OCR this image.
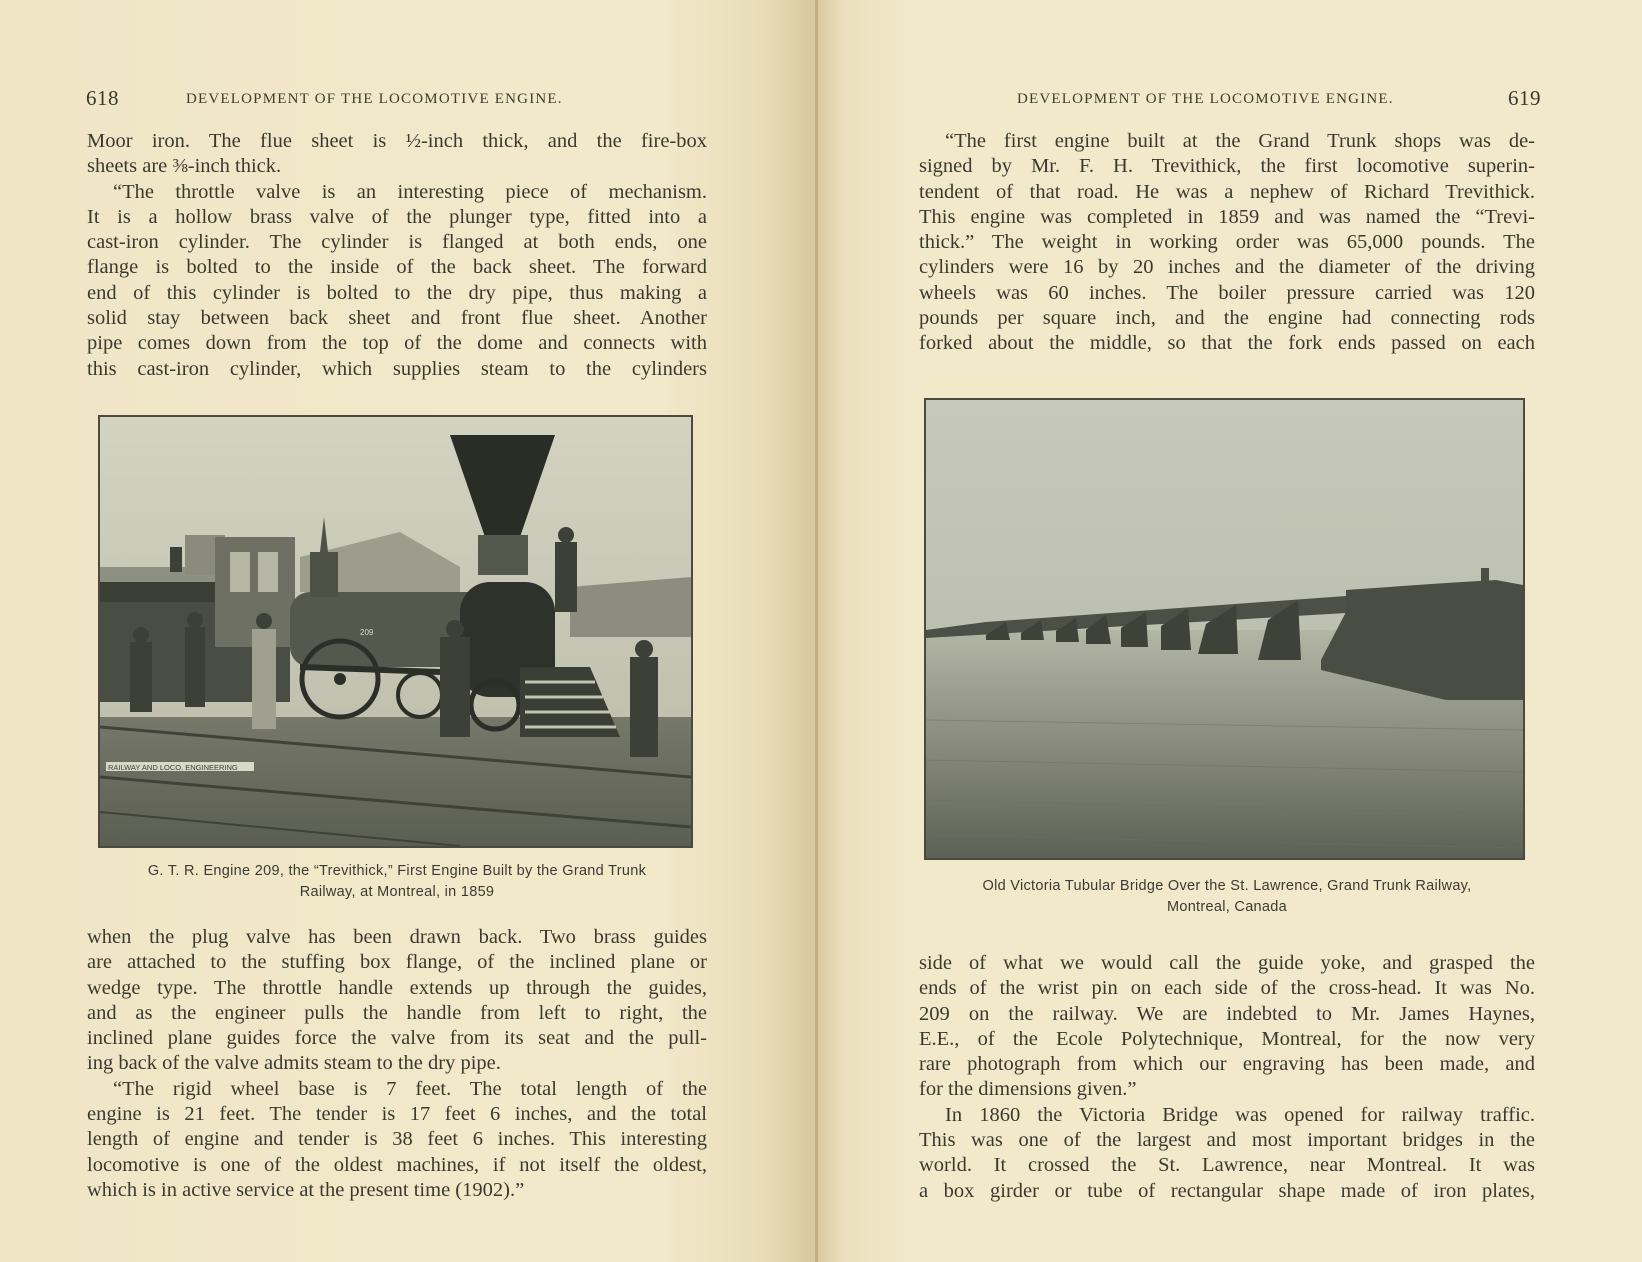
618	DEVELOPMENT OF THE LOCOMOTIVE ENGINE.
Moor iron. The flue sheet is ½-inch thick, and the fire-box
sheets are ⅜-inch thick.
“The throttle valve is an interesting piece of mechanism.
It is a hollow brass valve of the plunger type, fitted into a
cast-iron cylinder. The cylinder is flanged at both ends, one
flange is bolted to the inside of the back sheet. The forward
end of this cylinder is bolted to the dry pipe, thus making a
solid stay between back sheet and front flue sheet. Another
pipe comes down from the top of the dome and connects with
this cast-iron cylinder, which supplies steam to the cylinders
RAILWAY AND LOCO. ENGINEERING
209
G. T. R. Engine 209, the “Trevithick,” First Engine Built by the Grand Trunk
Railway, at Montreal, in 1859
when the plug valve has been drawn back. Two brass guides
are attached to the stuffing box flange, of the inclined plane or
wedge type. The throttle handle extends up through the guides,
and as the engineer pulls the handle from left to right, the
inclined plane guides force the valve from its seat and the pull-
ing back of the valve admits steam to the dry pipe.
“The rigid wheel base is 7 feet. The total length of the
engine is 21 feet. The tender is 17 feet 6 inches, and the total
length of engine and tender is 38 feet 6 inches. This interesting
locomotive is one of the oldest machines, if not itself the oldest,
which is in active service at the present time (1902).”
DEVELOPMENT OF THE LOCOMOTIVE ENGINE.	619
“The first engine built at the Grand Trunk shops was de-
signed by Mr. F. H. Trevithick, the first locomotive superin-
tendent of that road. He was a nephew of Richard Trevithick.
This engine was completed in 1859 and was named the “Trevi-
thick.” The weight in working order was 65,000 pounds. The
cylinders were 16 by 20 inches and the diameter of the driving
wheels was 60 inches. The boiler pressure carried was 120
pounds per square inch, and the engine had connecting rods
forked about the middle, so that the fork ends passed on each
Old Victoria Tubular Bridge Over the St. Lawrence, Grand Trunk Railway,
Montreal, Canada
side of what we would call the guide yoke, and grasped the
ends of the wrist pin on each side of the cross-head. It was No.
209 on the railway. We are indebted to Mr. James Haynes,
E.E., of the Ecole Polytechnique, Montreal, for the now very
rare photograph from which our engraving has been made, and
for the dimensions given.”
In 1860 the Victoria Bridge was opened for railway traffic.
This was one of the largest and most important bridges in the
world. It crossed the St. Lawrence, near Montreal. It was
a box girder or tube of rectangular shape made of iron plates,
